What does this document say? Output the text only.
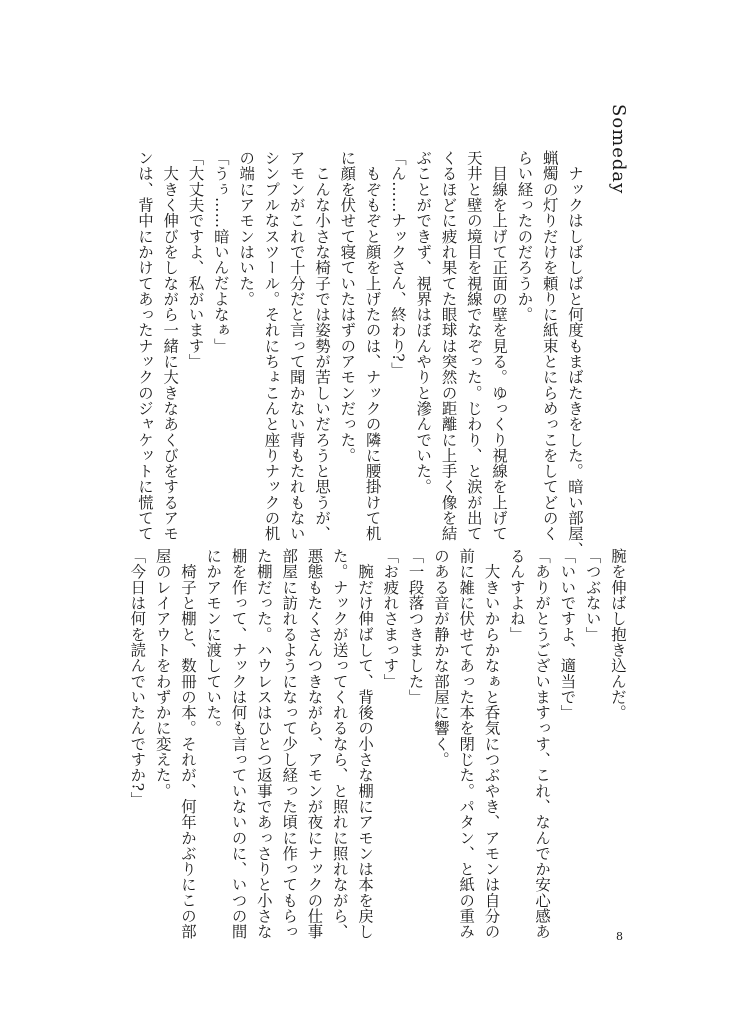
Someday

　ナックはしばしばと何度もまばたきをした。暗い部屋、

蝋燭の灯りだけを頼りに紙束とにらめっこをしてどのく

らい経ったのだろうか。

　目線を上げて正面の壁を見る。ゆっくり視線を上げて

天井と壁の境目を視線でなぞった。じわり、と涙が出て

くるほどに疲れ果てた眼球は突然の距離に上手く像を結

ぶことができず、視界はぼんやりと滲んでいた。

「ん……ナックさん、終わり?」

　もぞもぞと顔を上げたのは、ナックの隣に腰掛けて机

に顔を伏せて寝ていたはずのアモンだった。

　こんな小さな椅子では姿勢が苦しいだろうと思うが、

アモンがこれで十分だと言って聞かない背もたれもない

シンプルなスツール。それにちょこんと座りナックの机

の端にアモンはいた。

「うぅ……暗いんだよなぁ」

「大丈夫ですよ、私がいます」

　大きく伸びをしながら一緒に大きなあくびをするアモ

ンは、背中にかけてあったナックのジャケットに慌てて

腕を伸ばし抱き込んだ。

「つぶない」

「いいですよ、適当で」

「ありがとうございますっす、これ、なんでか安心感あ

るんすよね」

　大きいからかなぁと呑気につぶやき、アモンは自分の

前に雑に伏せてあった本を閉じた。パタン、と紙の重み

のある音が静かな部屋に響く。

「一段落つきました」

「お疲れさまっす」

　腕だけ伸ばして、背後の小さな棚にアモンは本を戻し

た。ナックが送ってくれるなら、と照れに照れながら、

悪態もたくさんつきながら、アモンが夜にナックの仕事

部屋に訪れるようになって少し経った頃に作ってもらっ

た棚だった。ハウレスはひとつ返事であっさりと小さな

棚を作って、ナックは何も言っていないのに、いつの間

にかアモンに渡していた。

　椅子と棚と、数冊の本。それが、何年かぶりにこの部

屋のレイアウトをわずかに変えた。

「今日は何を読んでいたんですか?」

8
